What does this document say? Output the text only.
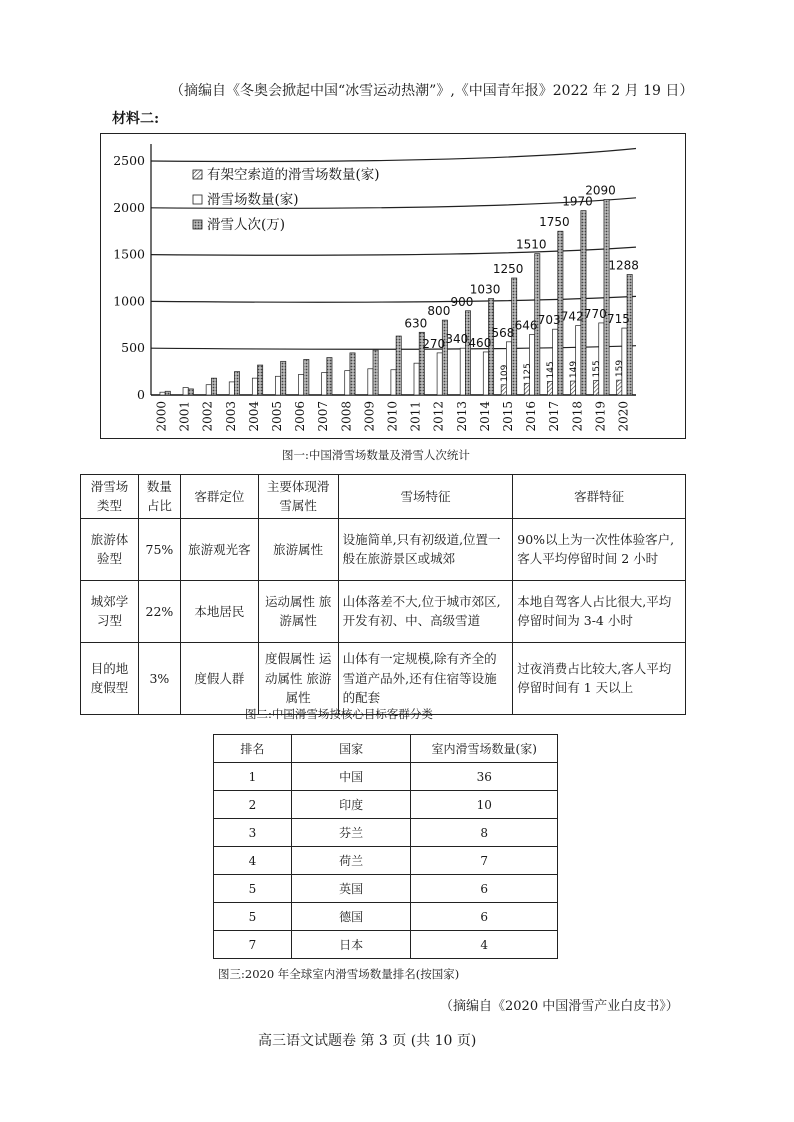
（摘编自《冬奥会掀起中国“冰雪运动热潮”》,《中国青年报》2022 年 2 月 19 日）
材料二:
0
500
1000
1500
2000
2500
2000 2001 2002 2003 2004 2005 2006 2007 2008 2009 2010 2011 2012 2013 2014 2015 2016 2017 2018 2019 2020
109 125 145 149 155 159
270 340 460
568
646 703 742 770 715
630
800
900
1030
1250
1510
1750
1970
2090
1288
有架空索道的滑雪场数量(家)
滑雪场数量(家)
滑雪人次(万)
图一:中国滑雪场数量及滑雪人次统计
滑雪场类型	数量占比	客群定位	主要体现滑雪属性	雪场特征	客群特征
旅游体验型	75%	旅游观光客	旅游属性	设施简单,只有初级道,位置一般在旅游景区或城郊	90%以上为一次性体验客户,客人平均停留时间 2 小时
城郊学习型	22%	本地居民	运动属性 旅游属性	山体落差不大,位于城市郊区,开发有初、中、高级雪道	本地自驾客人占比很大,平均停留时间为 3-4 小时
目的地度假型	3%	度假人群	度假属性 运动属性 旅游属性	山体有一定规模,除有齐全的雪道产品外,还有住宿等设施的配套	过夜消费占比较大,客人平均停留时间有 1 天以上
图二:中国滑雪场按核心目标客群分类
排名	国家	室内滑雪场数量(家)
1	中国	36
2	印度	10
3	芬兰	8
4	荷兰	7
5	英国	6
5	德国	6
7	日本	4
图三:2020 年全球室内滑雪场数量排名(按国家)
（摘编自《2020 中国滑雪产业白皮书》）
高三语文试题卷 第 3 页 (共 10 页)
